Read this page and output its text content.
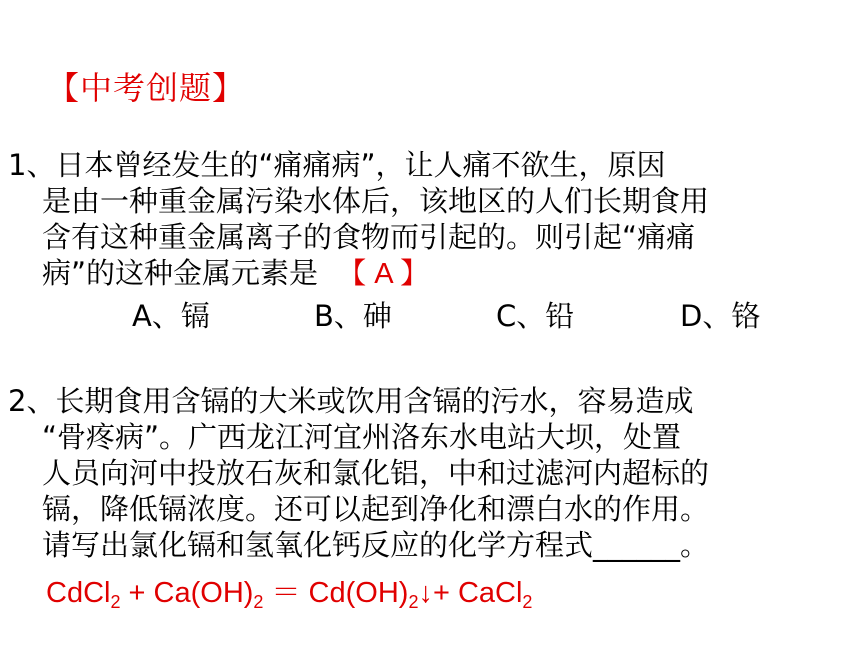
【中考创题】
1、日本曾经发生的“痛痛病”，让人痛不欲生，原因
是由一种重金属污染水体后，该地区的人们长期食用
含有这种重金属离子的食物而引起的。则引起“痛痛
病”的这种金属元素是 【 A 】
A、镉	B、砷	C、铅	D、铬
2、长期食用含镉的大米或饮用含镉的污水，容易造成
“骨疼病”。广西龙江河宜州洛东水电站大坝，处置
人员向河中投放石灰和氯化铝，中和过滤河内超标的
镉，降低镉浓度。还可以起到净化和漂白水的作用。
请写出氯化镉和氢氧化钙反应的化学方程式______。
CdCl$_2$ + $Ca(OH)_2$ ＝ $Cd(OH)_2↓+$ CaCl$_2$
